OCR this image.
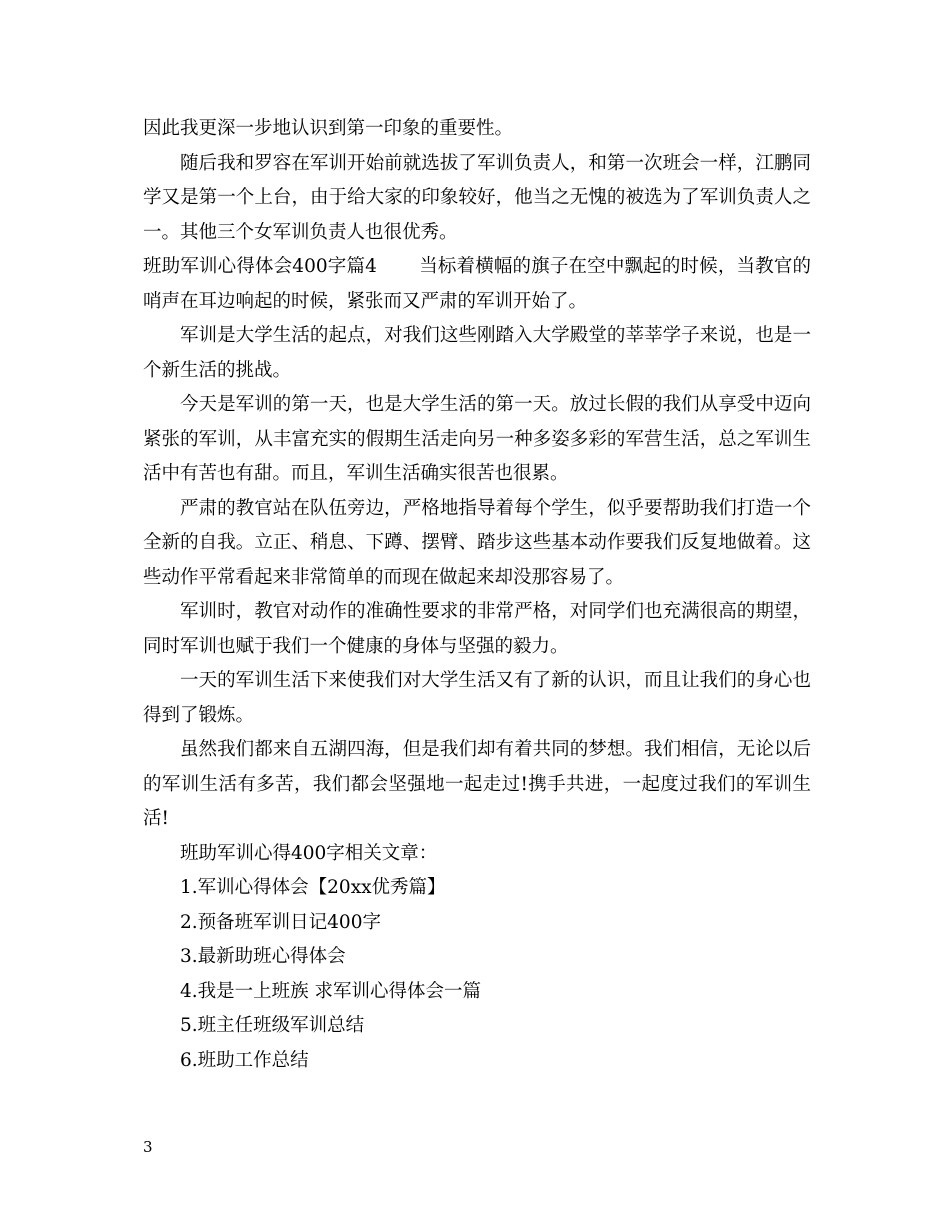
因此我更深一步地认识到第一印象的重要性。

随后我和罗容在军训开始前就选拔了军训负责人，和第一次班会一样，江鹏同学又是第一个上台，由于给大家的印象较好，他当之无愧的被选为了军训负责人之一。其他三个女军训负责人也很优秀。

班助军训心得体会400字篇4 当标着横幅的旗子在空中飘起的时候，当教官的哨声在耳边响起的时候，紧张而又严肃的军训开始了。

军训是大学生活的起点，对我们这些刚踏入大学殿堂的莘莘学子来说，也是一个新生活的挑战。

今天是军训的第一天，也是大学生活的第一天。放过长假的我们从享受中迈向紧张的军训，从丰富充实的假期生活走向另一种多姿多彩的军营生活，总之军训生活中有苦也有甜。而且，军训生活确实很苦也很累。

严肃的教官站在队伍旁边，严格地指导着每个学生，似乎要帮助我们打造一个全新的自我。立正、稍息、下蹲、摆臂、踏步这些基本动作要我们反复地做着。这些动作平常看起来非常简单的而现在做起来却没那容易了。

军训时，教官对动作的准确性要求的非常严格，对同学们也充满很高的期望，同时军训也赋于我们一个健康的身体与坚强的毅力。

一天的军训生活下来使我们对大学生活又有了新的认识，而且让我们的身心也得到了锻炼。

虽然我们都来自五湖四海，但是我们却有着共同的梦想。我们相信，无论以后的军训生活有多苦，我们都会坚强地一起走过!携手共进，一起度过我们的军训生活!

班助军训心得400字相关文章：
1.军训心得体会【20xx优秀篇】
2.预备班军训日记400字
3.最新助班心得体会
4.我是一上班族 求军训心得体会一篇
5.班主任班级军训总结
6.班助工作总结
3
